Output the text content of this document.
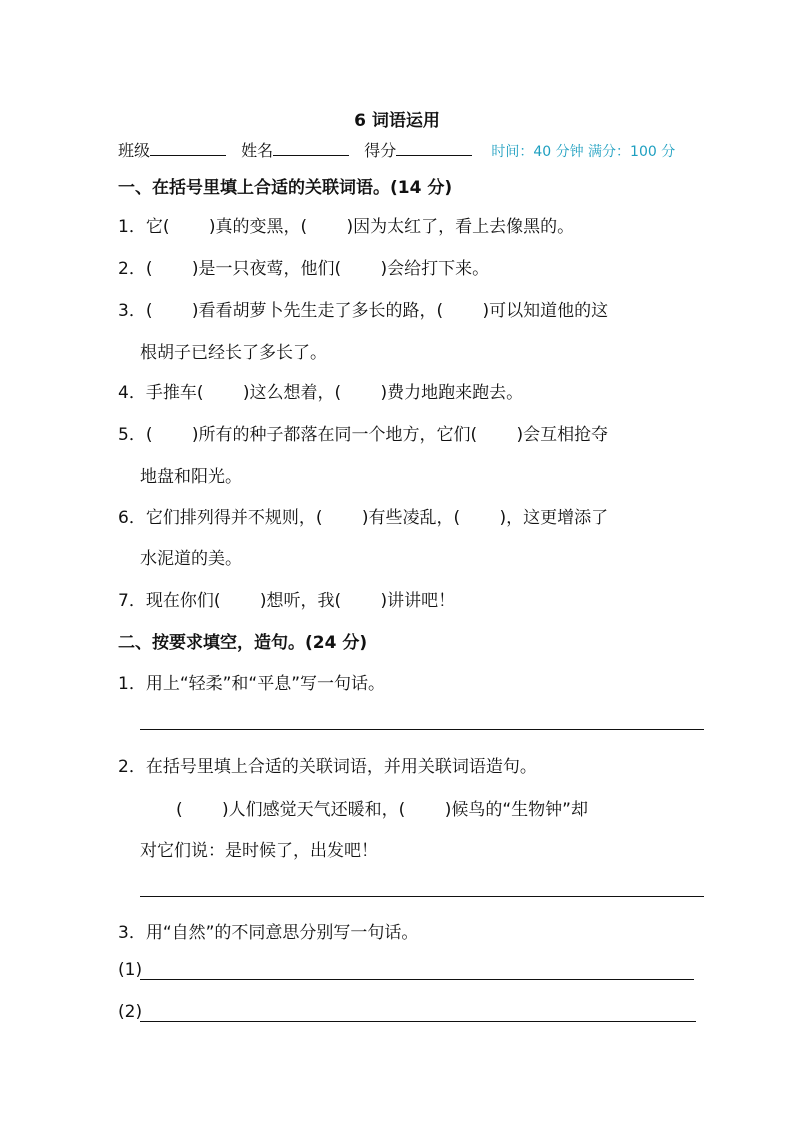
6 词语运用
班级	姓名	得分	时间：40 分钟 满分：100 分
一、在括号里填上合适的关联词语。(14 分)
1．它(　　 )真的变黑，(　　 )因为太红了，看上去像黑的。
2．(　　 )是一只夜莺，他们(　　 )会给打下来。
3．(　　 )看看胡萝卜先生走了多长的路，(　　 )可以知道他的这
根胡子已经长了多长了。
4．手推车(　　 )这么想着，(　　 )费力地跑来跑去。
5．(　　 )所有的种子都落在同一个地方，它们(　　 )会互相抢夺
地盘和阳光。
6．它们排列得并不规则，(　　 )有些凌乱，(　　 )，这更增添了
水泥道的美。
7．现在你们(　　 )想听，我(　　 )讲讲吧！
二、按要求填空，造句。(24 分)
1．用上“轻柔”和“平息”写一句话。
2．在括号里填上合适的关联词语，并用关联词语造句。
(　　 )人们感觉天气还暖和，(　　 )候鸟的“生物钟”却
对它们说：是时候了，出发吧！
3．用“自然”的不同意思分别写一句话。
(1)
(2)
